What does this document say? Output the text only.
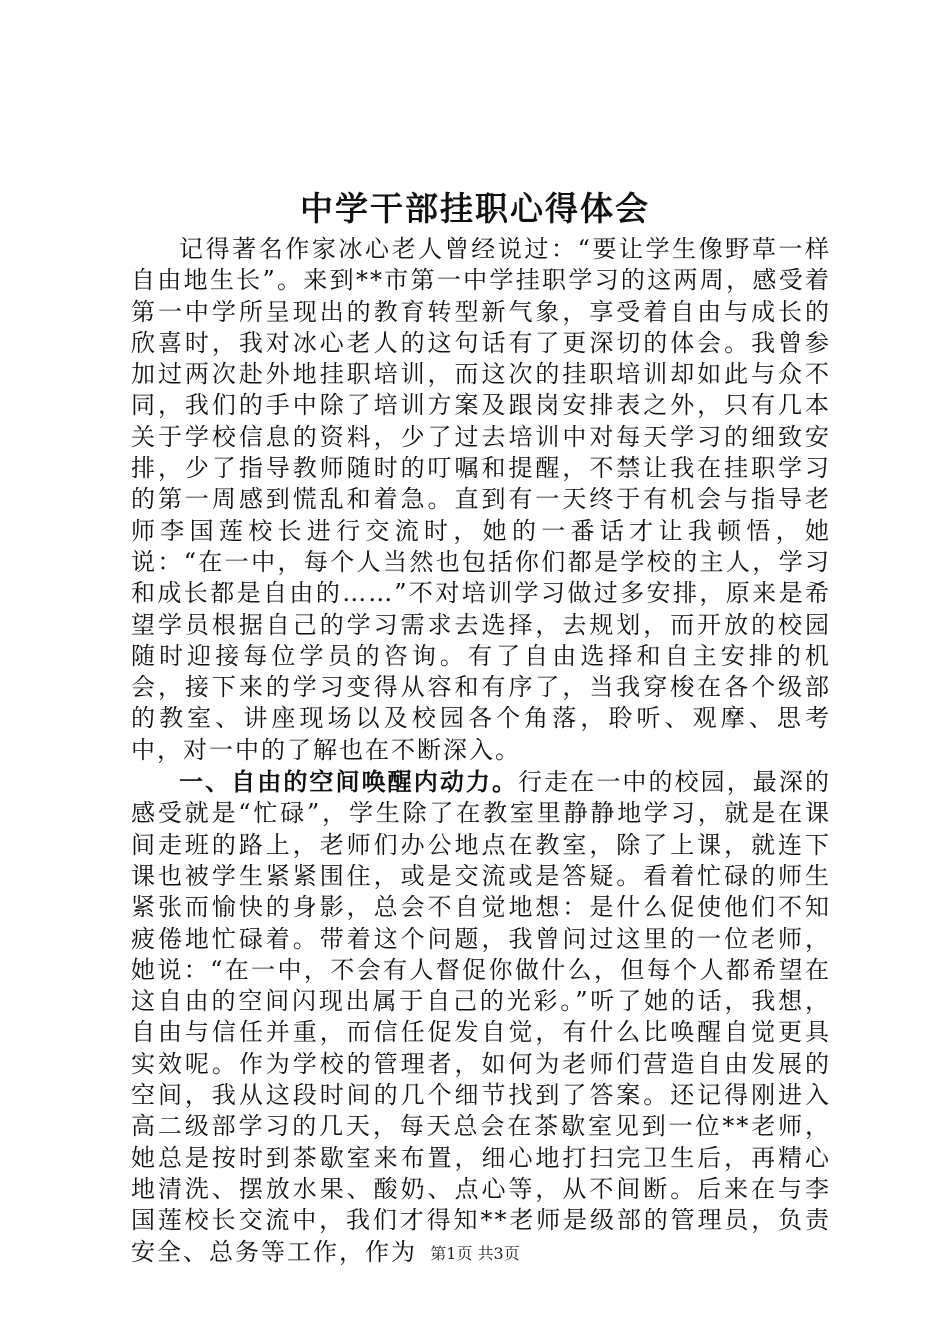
中学干部挂职心得体会

记得著名作家冰心老人曾经说过：“要让学生像野草一样自由地生长”。来到**市第一中学挂职学习的这两周，感受着第一中学所呈现出的教育转型新气象，享受着自由与成长的欣喜时，我对冰心老人的这句话有了更深切的体会。我曾参加过两次赴外地挂职培训，而这次的挂职培训却如此与众不同，我们的手中除了培训方案及跟岗安排表之外，只有几本关于学校信息的资料，少了过去培训中对每天学习的细致安排，少了指导教师随时的叮嘱和提醒，不禁让我在挂职学习的第一周感到慌乱和着急。直到有一天终于有机会与指导老师李国莲校长进行交流时，她的一番话才让我顿悟，她说：“在一中，每个人当然也包括你们都是学校的主人，学习和成长都是自由的……”不对培训学习做过多安排，原来是希望学员根据自己的学习需求去选择，去规划，而开放的校园随时迎接每位学员的咨询。有了自由选择和自主安排的机会，接下来的学习变得从容和有序了，当我穿梭在各个级部的教室、讲座现场以及校园各个角落，聆听、观摩、思考中，对一中的了解也在不断深入。

一、自由的空间唤醒内动力。行走在一中的校园，最深的感受就是“忙碌”，学生除了在教室里静静地学习，就是在课间走班的路上，老师们办公地点在教室，除了上课，就连下课也被学生紧紧围住，或是交流或是答疑。看着忙碌的师生紧张而愉快的身影，总会不自觉地想：是什么促使他们不知疲倦地忙碌着。带着这个问题，我曾问过这里的一位老师，她说：“在一中，不会有人督促你做什么，但每个人都希望在这自由的空间闪现出属于自己的光彩。”听了她的话，我想，自由与信任并重，而信任促发自觉，有什么比唤醒自觉更具实效呢。作为学校的管理者，如何为老师们营造自由发展的空间，我从这段时间的几个细节找到了答案。还记得刚进入高二级部学习的几天，每天总会在茶歇室见到一位**老师，她总是按时到茶歇室来布置，细心地打扫完卫生后，再精心地清洗、摆放水果、酸奶、点心等，从不间断。后来在与李国莲校长交流中，我们才得知**老师是级部的管理员，负责安全、总务等工作，作为 第1页 共3页
